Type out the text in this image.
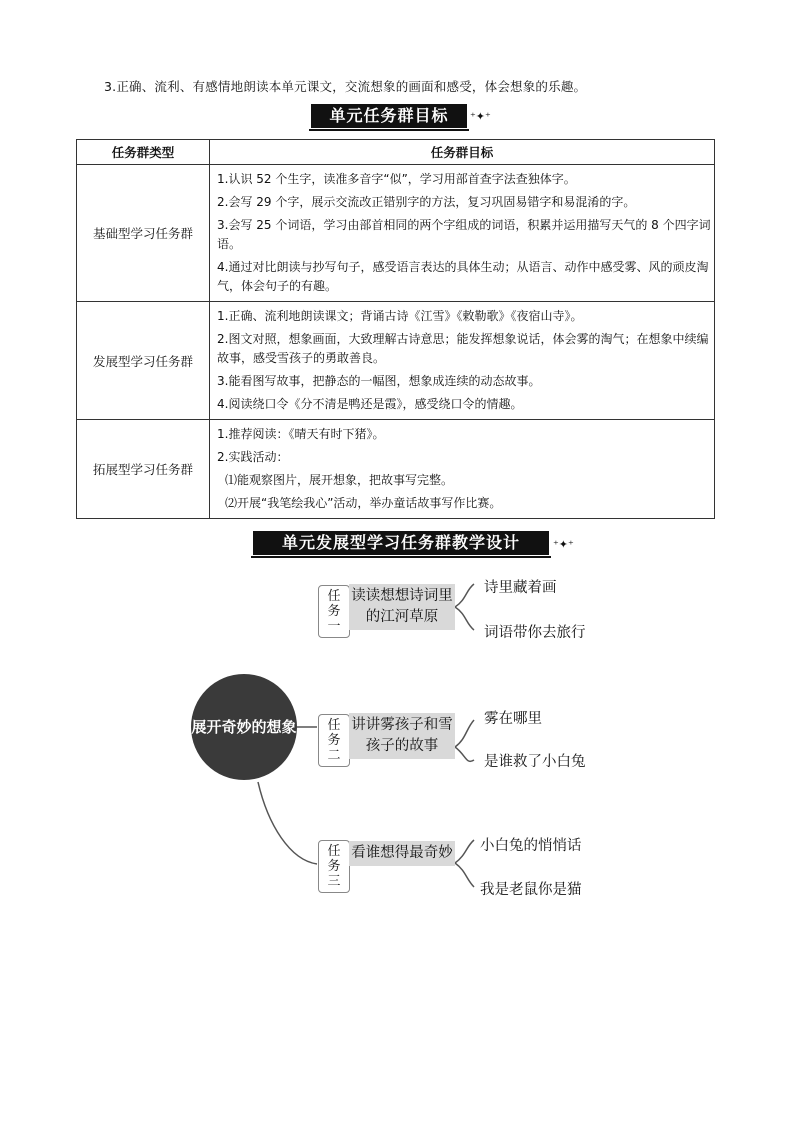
3.正确、流利、有感情地朗读本单元课文，交流想象的画面和感受，体会想象的乐趣。
单元任务群目标	⁺✦⁺
任务群类型	任务群目标
基础型学习任务群	1.认识 52 个生字，读准多音字“似”，学习用部首查字法查独体字。
2.会写 29 个字，展示交流改正错别字的方法，复习巩固易错字和易混淆的字。
3.会写 25 个词语，学习由部首相同的两个字组成的词语，积累并运用描写天气的 8 个四字词语。
4.通过对比朗读与抄写句子，感受语言表达的具体生动；从语言、动作中感受雾、风的顽皮淘气，体会句子的有趣。

发展型学习任务群	1.正确、流利地朗读课文；背诵古诗《江雪》《敕勒歌》《夜宿山寺》。
2.图文对照，想象画面，大致理解古诗意思；能发挥想象说话，体会雾的淘气；在想象中续编故事，感受雪孩子的勇敢善良。
3.能看图写故事，把静态的一幅图，想象成连续的动态故事。
4.阅读绕口令《分不清是鸭还是霞》，感受绕口令的情趣。

拓展型学习任务群	1.推荐阅读：《晴天有时下猪》。
2.实践活动：
⑴能观察图片，展开想象，把故事写完整。
⑵开展“我笔绘我心”活动，举办童话故事写作比赛。
单元发展型学习任务群教学设计	⁺✦⁺
展开奇妙的想象
任
务
一
读读想想诗词里的江河草原
诗里藏着画
词语带你去旅行
任
务
二
讲讲雾孩子和雪孩子的故事
雾在哪里
是谁救了小白兔
任
务
三
看谁想得最奇妙 小白兔的悄悄话
我是老鼠你是猫
